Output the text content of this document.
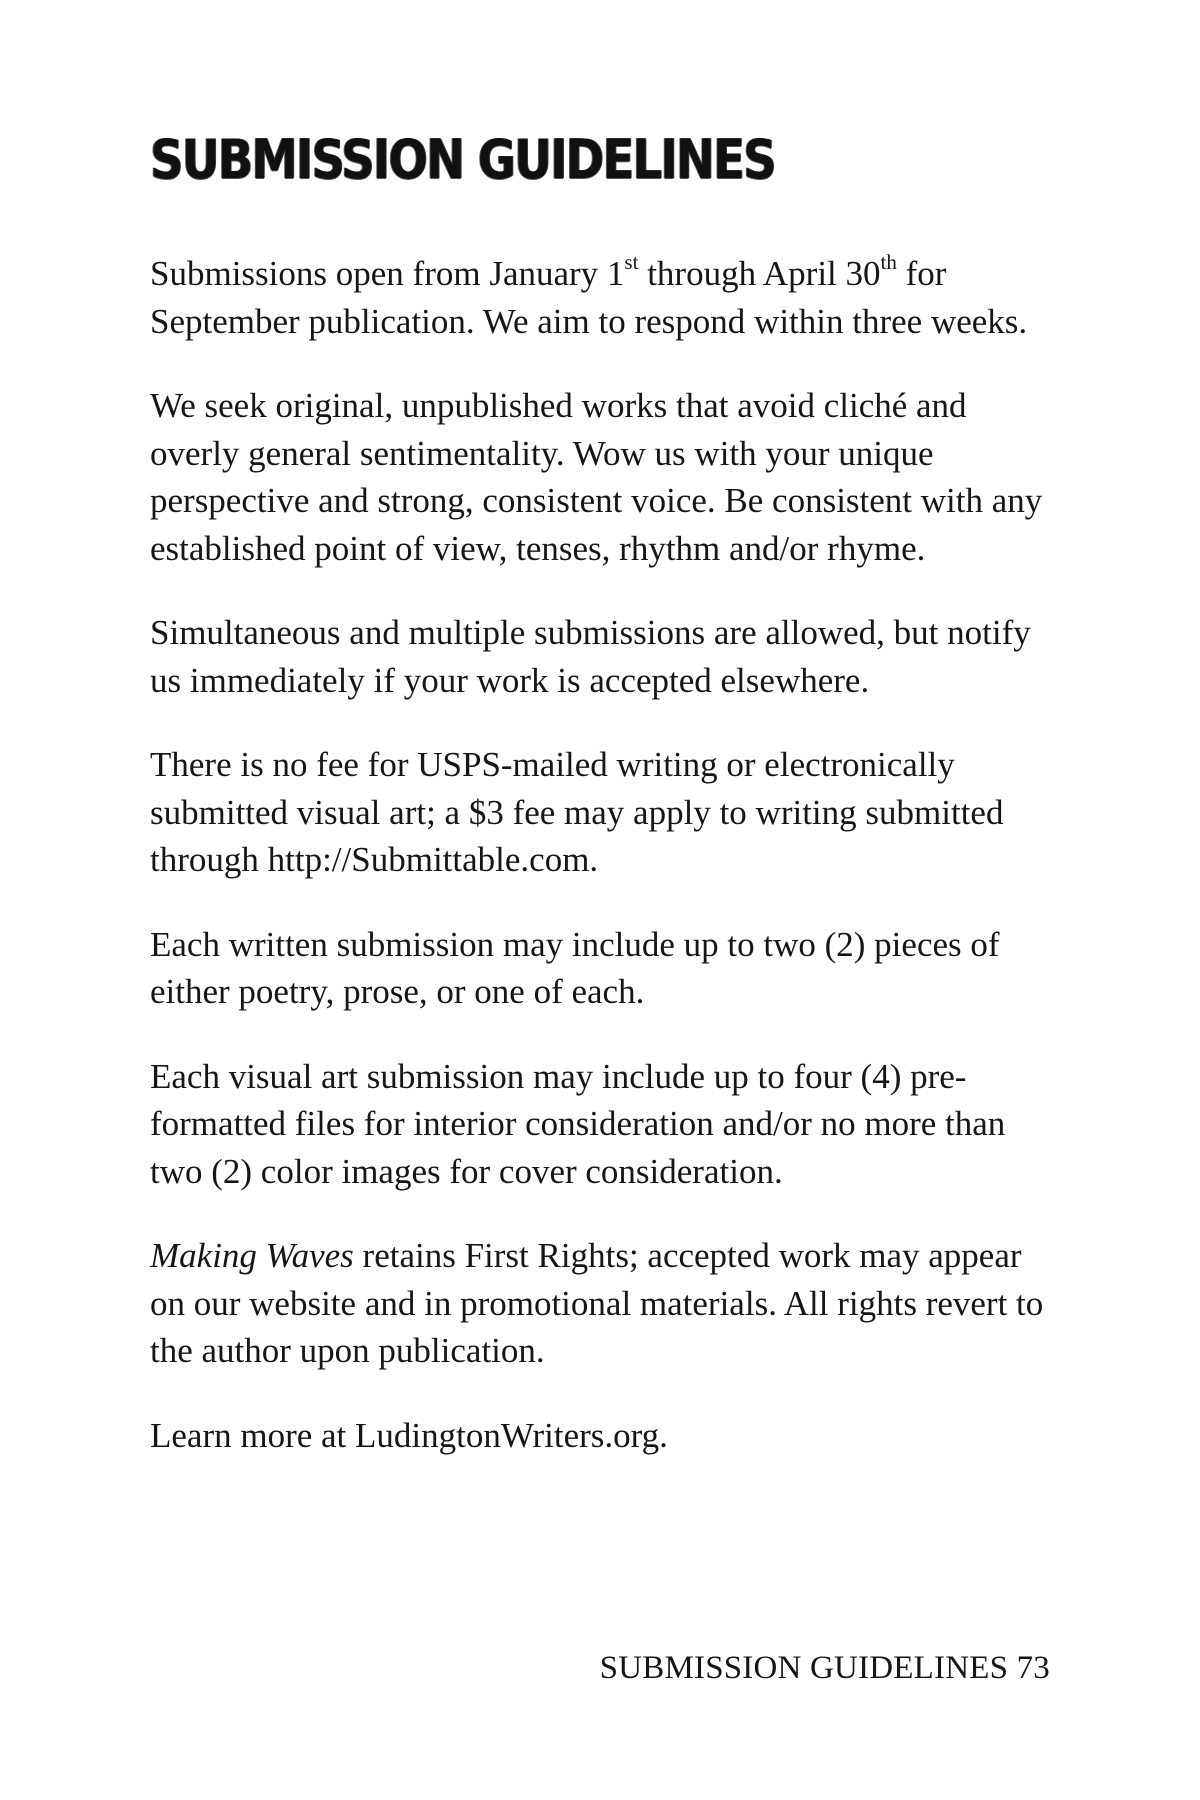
SUBMISSION GUIDELINES

Submissions open from January 1st through April 30th for September publication. We aim to respond within three weeks.

We seek original, unpublished works that avoid cliché and overly general sentimentality. Wow us with your unique perspective and strong, consistent voice. Be consistent with any established point of view, tenses, rhythm and/or rhyme.

Simultaneous and multiple submissions are allowed, but notify us immediately if your work is accepted elsewhere.

There is no fee for USPS-mailed writing or electronically submitted visual art; a $3 fee may apply to writing submitted through http://Submittable.com.

Each written submission may include up to two (2) pieces of either poetry, prose, or one of each.

Each visual art submission may include up to four (4) pre-formatted files for interior consideration and/or no more than two (2) color images for cover consideration.

Making Waves retains First Rights; accepted work may appear on our website and in promotional materials. All rights revert to the author upon publication.

Learn more at LudingtonWriters.org.

SUBMISSION GUIDELINES 73
